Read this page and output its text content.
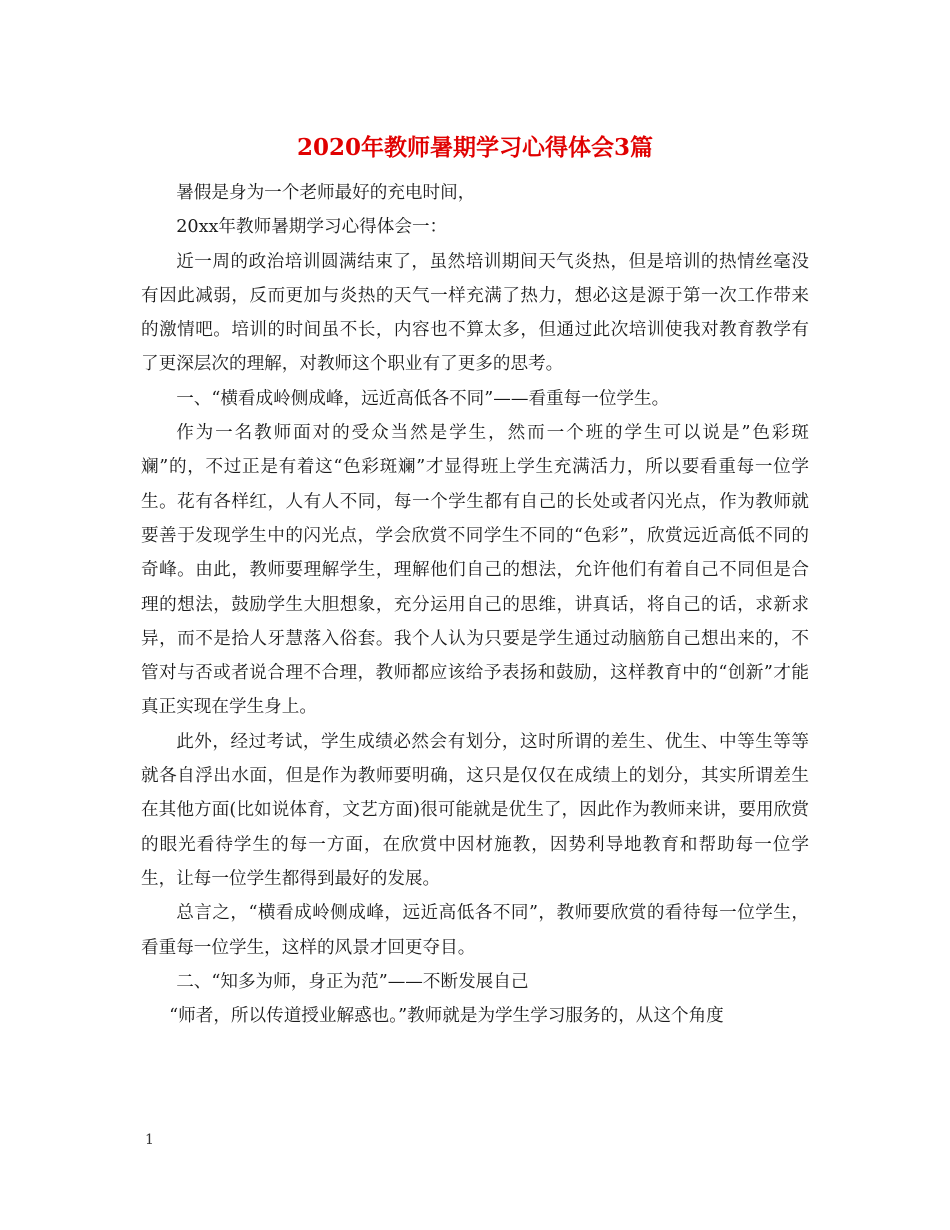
2020年教师暑期学习心得体会3篇

暑假是身为一个老师最好的充电时间，

20xx年教师暑期学习心得体会一：

近一周的政治培训圆满结束了，虽然培训期间天气炎热，但是培训的热情丝毫没有因此减弱，反而更加与炎热的天气一样充满了热力，想必这是源于第一次工作带来的激情吧。培训的时间虽不长，内容也不算太多，但通过此次培训使我对教育教学有了更深层次的理解，对教师这个职业有了更多的思考。

一、“横看成岭侧成峰，远近高低各不同”——看重每一位学生。

作为一名教师面对的受众当然是学生，然而一个班的学生可以说是”色彩斑斓”的，不过正是有着这“色彩斑斓”才显得班上学生充满活力，所以要看重每一位学生。花有各样红，人有人不同，每一个学生都有自己的长处或者闪光点，作为教师就要善于发现学生中的闪光点，学会欣赏不同学生不同的“色彩”，欣赏远近高低不同的奇峰。由此，教师要理解学生，理解他们自己的想法，允许他们有着自己不同但是合理的想法，鼓励学生大胆想象，充分运用自己的思维，讲真话，将自己的话，求新求异，而不是拾人牙慧落入俗套。我个人认为只要是学生通过动脑筋自己想出来的，不管对与否或者说合理不合理，教师都应该给予表扬和鼓励，这样教育中的“创新”才能真正实现在学生身上。

此外，经过考试，学生成绩必然会有划分，这时所谓的差生、优生、中等生等等就各自浮出水面，但是作为教师要明确，这只是仅仅在成绩上的划分，其实所谓差生在其他方面(比如说体育，文艺方面)很可能就是优生了，因此作为教师来讲，要用欣赏的眼光看待学生的每一方面，在欣赏中因材施教，因势利导地教育和帮助每一位学生，让每一位学生都得到最好的发展。

总言之，“横看成岭侧成峰，远近高低各不同”，教师要欣赏的看待每一位学生，看重每一位学生，这样的风景才回更夺目。

二、“知多为师，身正为范”——不断发展自己

“师者，所以传道授业解惑也。”教师就是为学生学习服务的，从这个角度

1
